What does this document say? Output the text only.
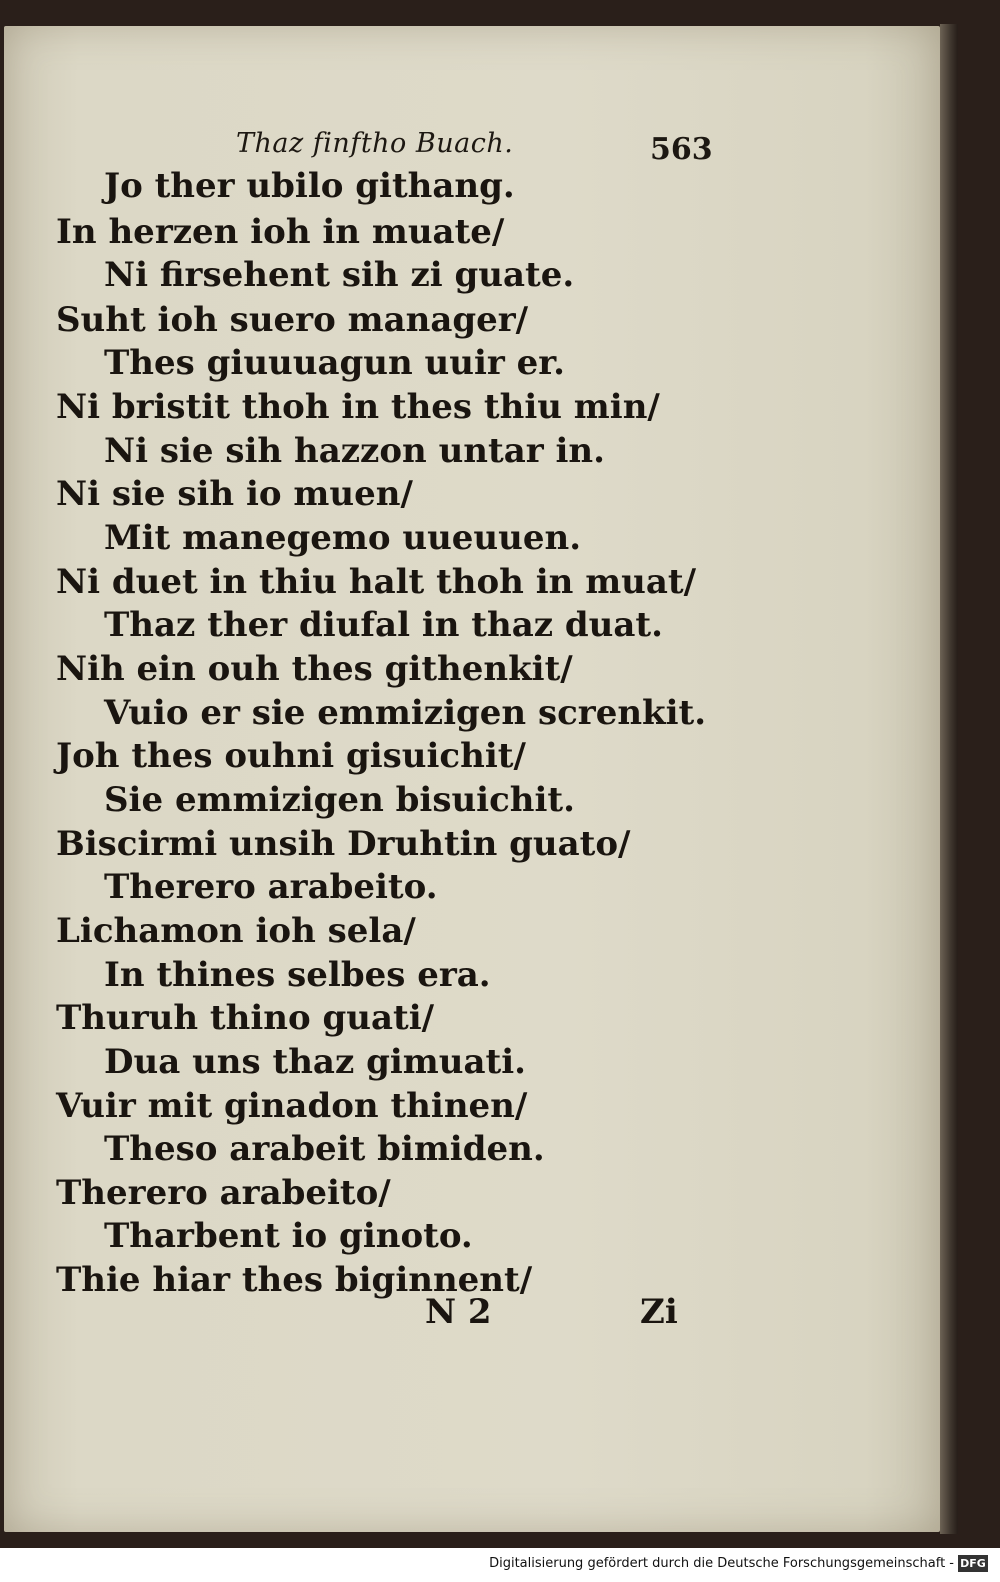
Thaz finftho Buach.	563
Jo ther ubilo githang.
In herzen ioh in muate/
Ni firsehent sih zi guate.
Suht ioh suero manager/
Thes giuuuagun uuir er.
Ni bristit thoh in thes thiu min/
Ni sie sih hazzon untar in.
Ni sie sih io muen/
Mit manegemo uueuuen.
Ni duet in thiu halt thoh in muat/
Thaz ther diufal in thaz duat.
Nih ein ouh thes githenkit/
Vuio er sie emmizigen screnkit.
Joh thes ouhni gisuichit/
Sie emmizigen bisuichit.
Biscirmi unsih Druhtin guato/
Therero arabeito.
Lichamon ioh sela/
In thines selbes era.
Thuruh thino guati/
Dua uns thaz gimuati.
Vuir mit ginadon thinen/
Theso arabeit bimiden.
Therero arabeito/
Tharbent io ginoto.
Thie hiar thes biginnent/
N 2	Zi
Digitalisierung gefördert durch die Deutsche Forschungsgemeinschaft - DFG
